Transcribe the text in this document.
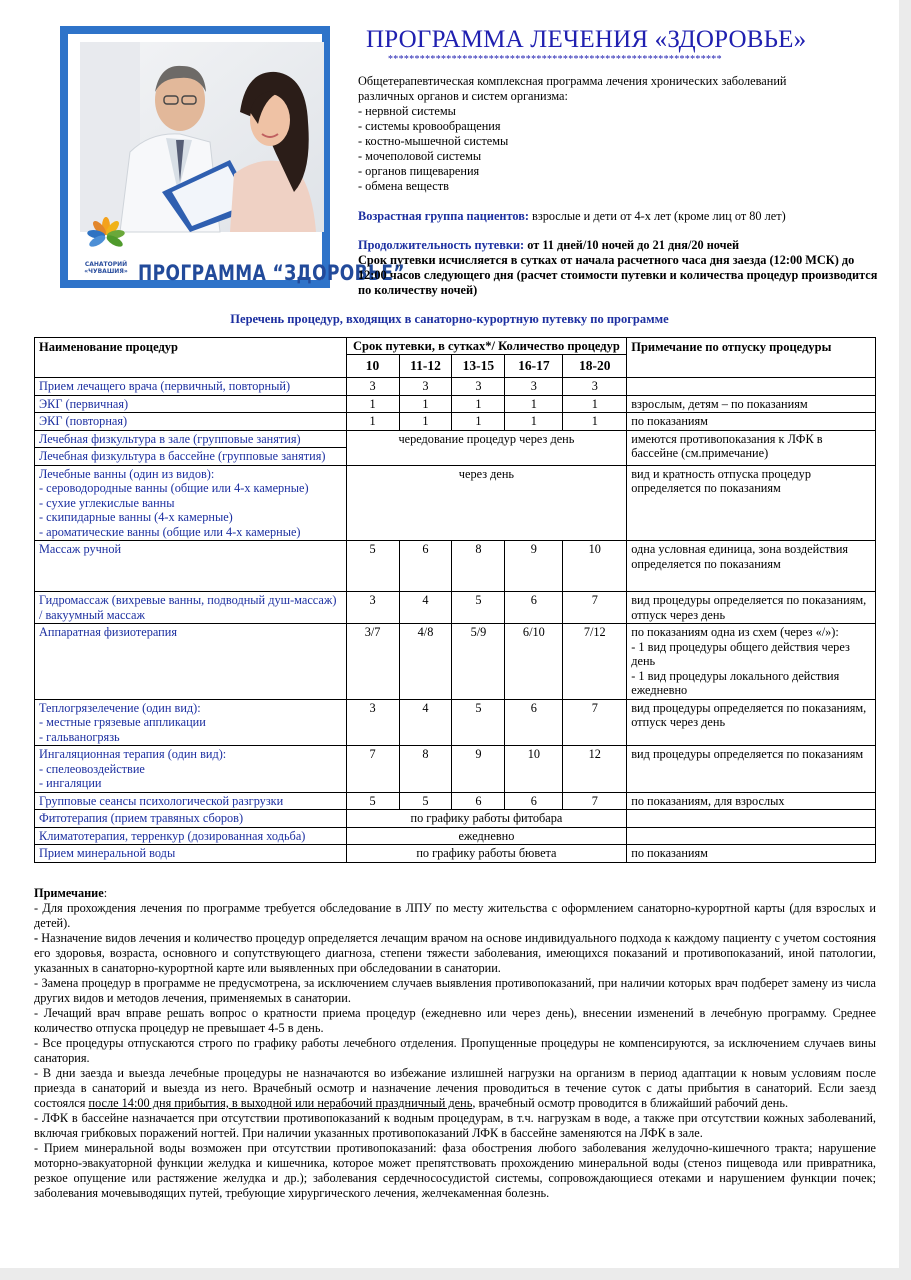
САНАТОРИЙ
«ЧУВАШИЯ» ПРОГРАММА “ЗДОРОВЬЕ”
ПРОГРАММА ЛЕЧЕНИЯ «ЗДОРОВЬЕ»
***************************************************************
Общетерапевтическая комплексная программа лечения хронических заболеваний
различных органов и систем организма:
- нервной системы
- системы кровообращения
- костно-мышечной системы
- мочеполовой системы
- органов пищеварения
- обмена веществ
Возрастная группа пациентов: взрослые и дети от 4-х лет (кроме лиц от 80 лет)
Продолжительность путевки: от 11 дней/10 ночей до 21 дня/20 ночей
Срок путевки исчисляется в сутках от начала расчетного часа дня заезда (12:00 МСК) до 12:00 часов следующего дня (расчет стоимости путевки и количества процедур производится по количеству ночей)
Перечень процедур, входящих в санаторно-курортную путевку по программе
Наименование процедур	Срок путевки, в сутках*/ Количество процедур					Примечание по отпуску процедуры
	10	11-12	13-15	16-17	18-20	
Прием лечащего врача (первичный, повторный)	3	3	3	3	3	
ЭКГ (первичная)	1	1	1	1	1	взрослым, детям – по показаниям
ЭКГ (повторная)	1	1	1	1	1	по показаниям

Лечебная физкультура в зале (групповые занятия)
Лечебная физкультура в бассейне (групповые занятия)	чередование процедур через день					имеются противопоказания к ЛФК в бассейне (см.примечание)

Лечебные ванны (один из видов):
- сероводородные ванны (общие или 4-х камерные)
- сухие углекислые ванны
- скипидарные ванны (4-х камерные)
- ароматические ванны (общие или 4-х камерные)	через день					вид и кратность отпуска процедур определяется по показаниям
Массаж ручной	5	6	8	9	10	одна условная единица, зона воздействия определяется по показаниям
Гидромассаж (вихревые ванны, подводный душ-массаж) / вакуумный массаж	3	4	5	6	7	вид процедуры определяется по показаниям, отпуск через день
Аппаратная физиотерапия	3/7	4/8	5/9	6/10	7/12	по показаниям одна из схем (через «/»):
- 1 вид процедуры общего действия через день
- 1 вид процедуры локального действия ежедневно

Теплогрязелечение (один вид):
- местные грязевые аппликации
- гальваногрязь	3	4	5	6	7	вид процедуры определяется по показаниям, отпуск через день

Ингаляционная терапия (один вид):
- спелеовоздействие
- ингаляции	7	8	9	10	12	вид процедуры определяется по показаниям
Групповые сеансы психологической разгрузки	5	5	6	6	7	по показаниям, для взрослых
Фитотерапия (прием травяных сборов)	по графику работы фитобара					
Климатотерапия, терренкур (дозированная ходьба)	ежедневно					
Прием минеральной воды	по графику работы бювета					по показаниям

Примечание:

- Для прохождения лечения по программе требуется обследование в ЛПУ по месту жительства с оформлением санаторно-курортной карты (для взрослых и детей).

- Назначение видов лечения и количество процедур определяется лечащим врачом на основе индивидуального подхода к каждому пациенту с учетом состояния его здоровья, возраста, основного и сопутствующего диагноза, степени тяжести заболевания, имеющихся показаний и противопоказаний, иной патологии, указанных в санаторно-курортной карте или выявленных при обследовании в санатории.

- Замена процедур в программе не предусмотрена, за исключением случаев выявления противопоказаний, при наличии которых врач подберет замену из числа других видов и методов лечения, применяемых в санатории.

- Лечащий врач вправе решать вопрос о кратности приема процедур (ежедневно или через день), внесении изменений в лечебную программу. Среднее количество отпуска процедур не превышает 4-5 в день.

- Все процедуры отпускаются строго по графику работы лечебного отделения. Пропущенные процедуры не компенсируются, за исключением случаев вины санатория.

- В дни заезда и выезда лечебные процедуры не назначаются во избежание излишней нагрузки на организм в период адаптации к новым условиям после приезда в санаторий и выезда из него. Врачебный осмотр и назначение лечения проводиться в течение суток с даты прибытия в санаторий. Если заезд состоялся после 14:00 дня прибытия, в выходной или нерабочий праздничный день, врачебный осмотр проводится в ближайший рабочий день.

- ЛФК в бассейне назначается при отсутствии противопоказаний к водным процедурам, в т.ч. нагрузкам в воде, а также при отсутствии кожных заболеваний, включая грибковых поражений ногтей. При наличии указанных противопоказаний ЛФК в бассейне заменяются на ЛФК в зале.

- Прием минеральной воды возможен при отсутствии противопоказаний: фаза обострения любого заболевания желудочно-кишечного тракта; нарушение моторно-эвакуаторной функции желудка и кишечника, которое может препятствовать прохождению минеральной воды (стеноз пищевода или привратника, резкое опущение или растяжение желудка и др.); заболевания сердечнососудистой системы, сопровождающиеся отеками и нарушением функции почек; заболевания мочевыводящих путей, требующие хирургического лечения, желчекаменная болезнь.
